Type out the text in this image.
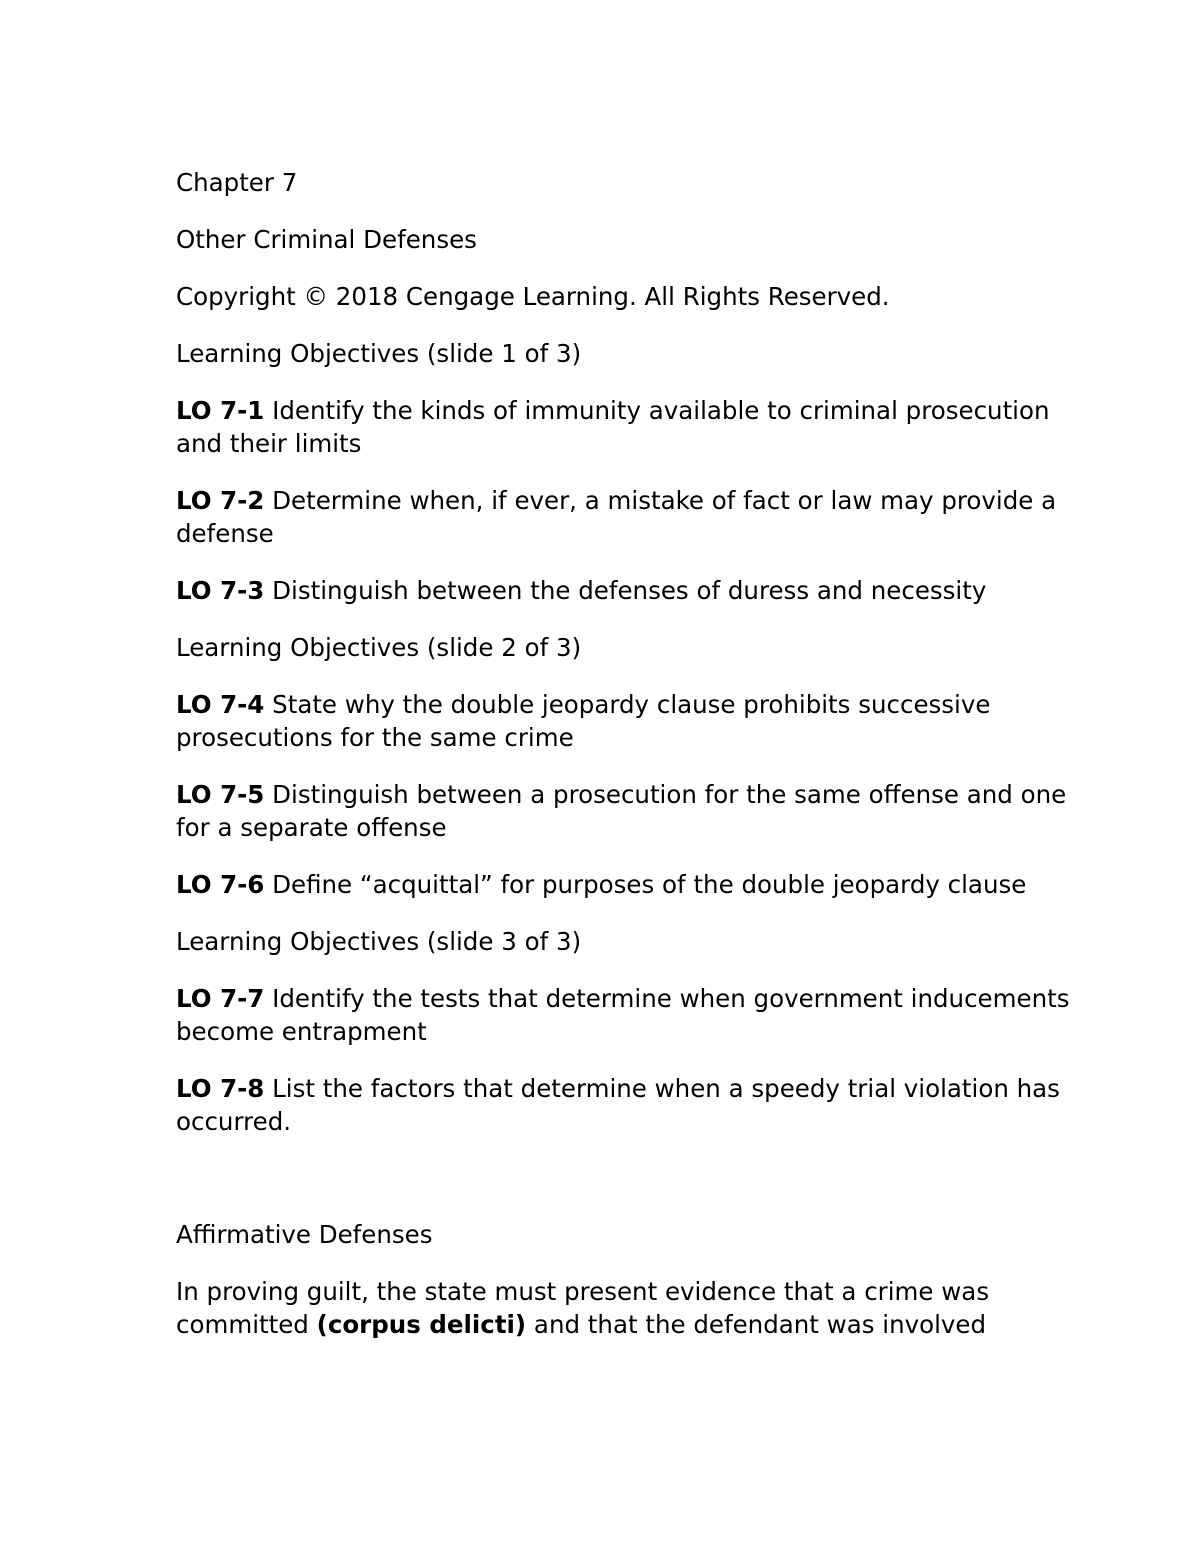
Chapter 7

Other Criminal Defenses

Copyright © 2018 Cengage Learning. All Rights Reserved.

Learning Objectives (slide 1 of 3)

LO 7-1 Identify the kinds of immunity available to criminal prosecution and their limits

LO 7-2 Determine when, if ever, a mistake of fact or law may provide a defense

LO 7-3 Distinguish between the defenses of duress and necessity

Learning Objectives (slide 2 of 3)

LO 7-4 State why the double jeopardy clause prohibits successive prosecutions for the same crime

LO 7-5 Distinguish between a prosecution for the same offense and one for a separate offense

LO 7-6 Define “acquittal” for purposes of the double jeopardy clause

Learning Objectives (slide 3 of 3)

LO 7-7 Identify the tests that determine when government inducements become entrapment

LO 7-8 List the factors that determine when a speedy trial violation has occurred.

Affirmative Defenses

In proving guilt, the state must present evidence that a crime was committed (corpus delicti) and that the defendant was involved
